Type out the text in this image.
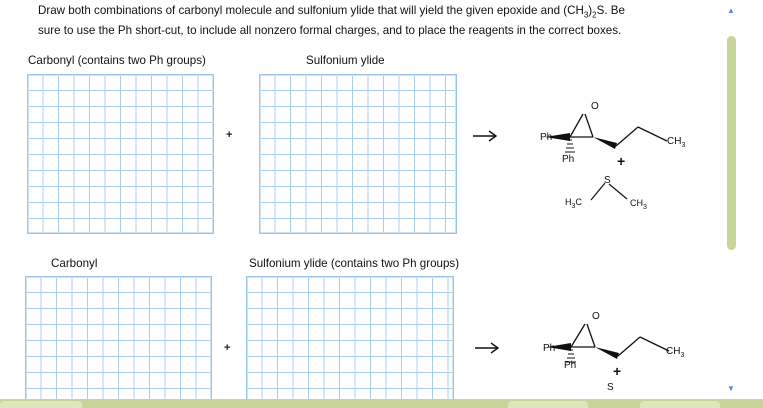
Draw both combinations of carbonyl molecule and sulfonium ylide that will yield the given epoxide and $(CH_3)_2S$. Be
sure to use the Ph short-cut, to include all nonzero formal charges, and to place the reagents in the correct boxes.
Carbonyl (contains two Ph groups)	Sulfonium ylide
+	Ph
Ph
O
$CH_3$
+
S
$H_3C$	$CH_3$
Carbonyl	Sulfonium ylide (contains two Ph groups)
+	Ph
Ph
O
$CH_3$
+
S
▲
▼
